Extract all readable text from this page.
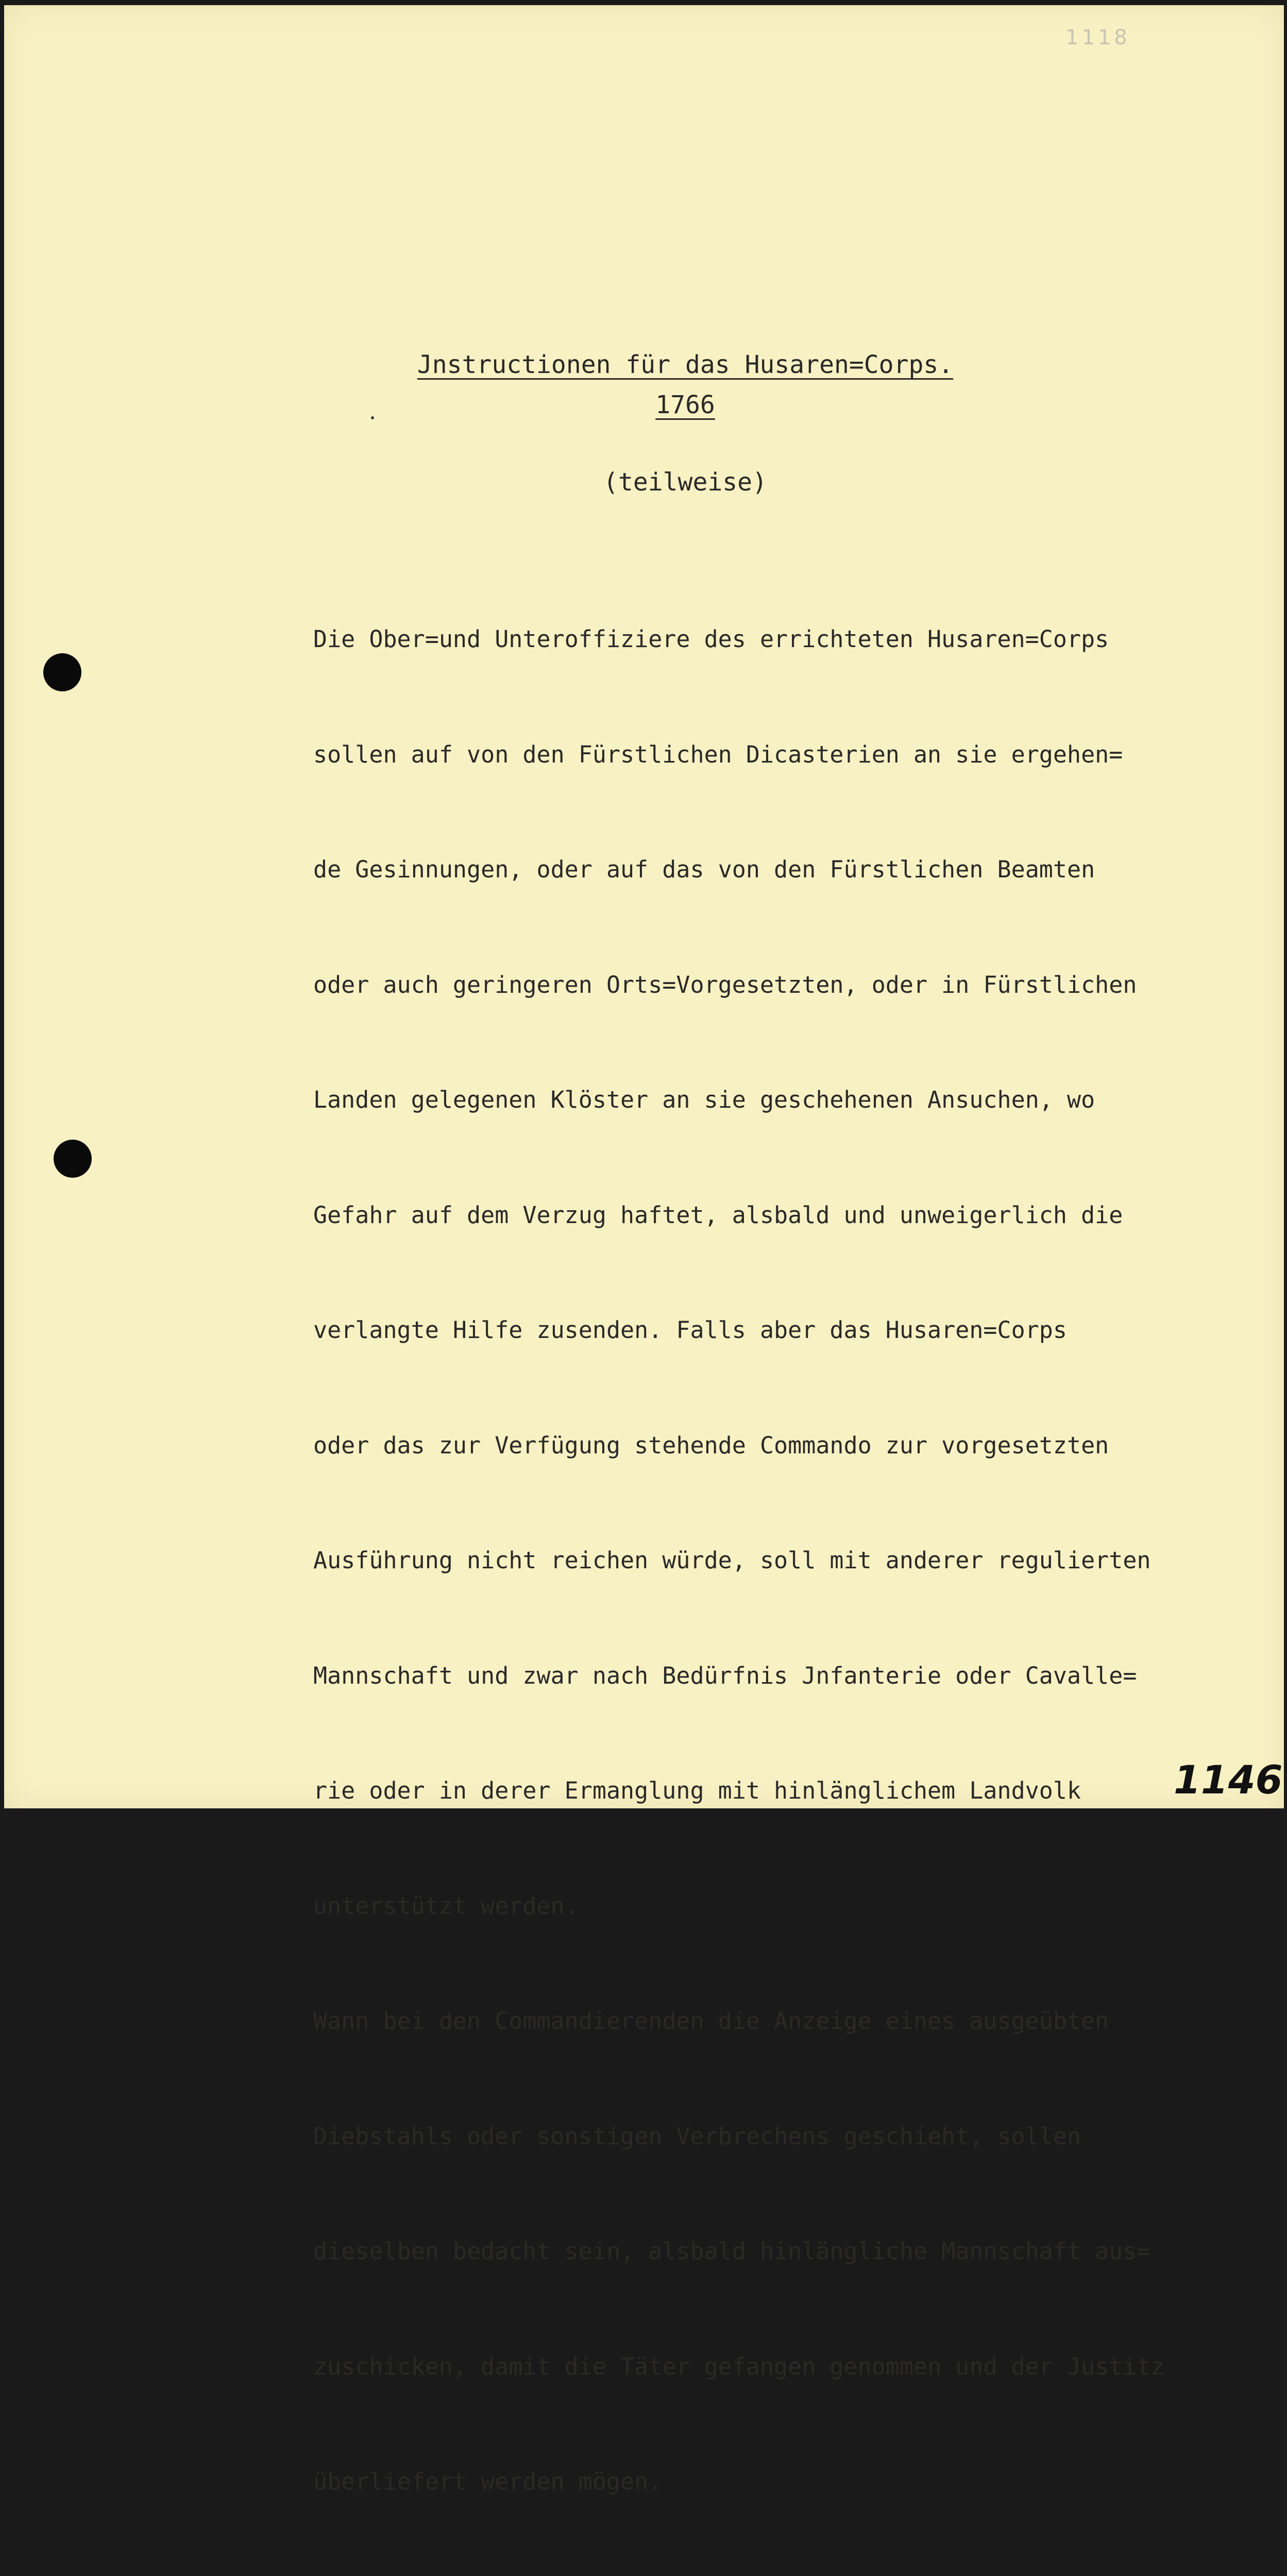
1118
Jnstructionen für das Husaren=Corps.
1766
(teilweise)

Die Ober=und Unteroffiziere des errichteten Husaren=Corps

sollen auf von den Fürstlichen Dicasterien an sie ergehen=

de Gesinnungen, oder auf das von den Fürstlichen Beamten

oder auch geringeren Orts=Vorgesetzten, oder in Fürstlichen

Landen gelegenen Klöster an sie geschehenen Ansuchen, wo

Gefahr auf dem Verzug haftet, alsbald und unweigerlich die

verlangte Hilfe zusenden. Falls aber das Husaren=Corps

oder das zur Verfügung stehende Commando zur vorgesetzten

Ausführung nicht reichen würde, soll mit anderer regulierten

Mannschaft und zwar nach Bedürfnis Jnfanterie oder Cavalle=

rie oder in derer Ermanglung mit hinlänglichem Landvolk

unterstützt werden.

Wann bei den Commandierenden die Anzeige eines ausgeübten

Diebstahls oder sonstigen Verbrechens geschieht, sollen

dieselben bedacht sein, alsbald hinlängliche Mannschaft aus=

zuschicken, damit die Täter gefangen genommen und der Justitz

überliefert werden mögen.

1146
